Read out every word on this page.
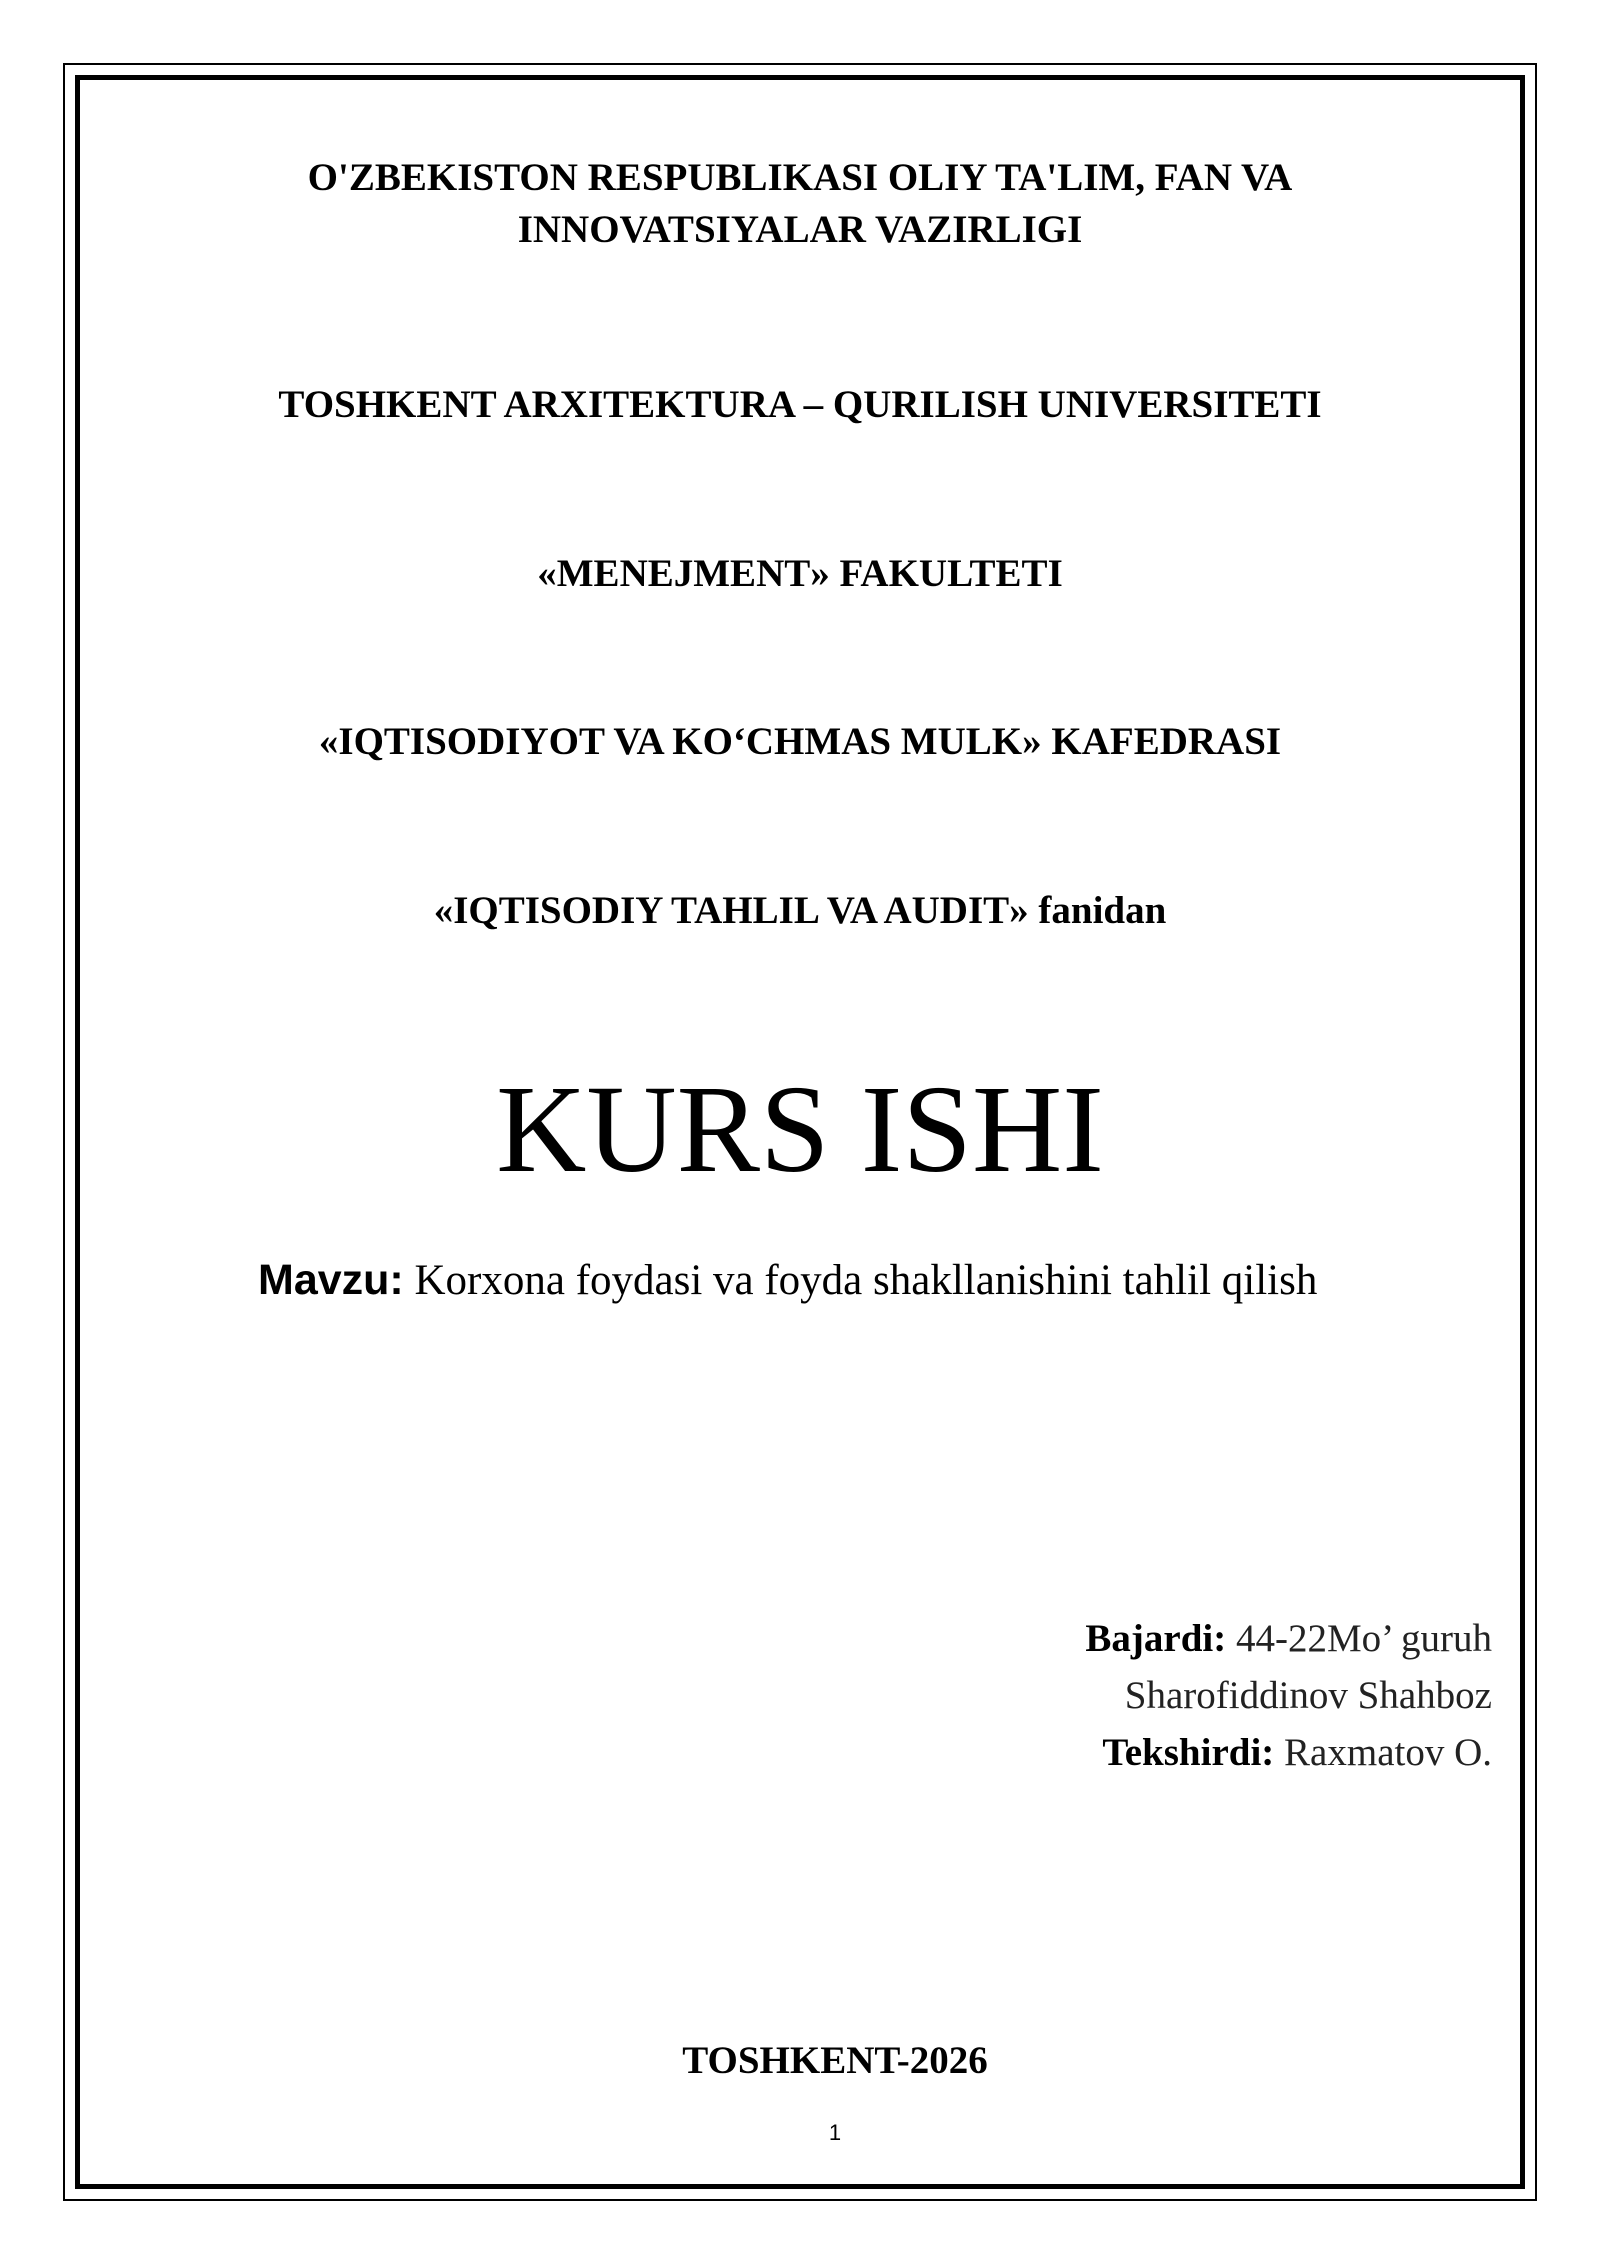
O'ZBEKISTON RESPUBLIKASI OLIY TA'LIM, FAN VA
INNOVATSIYALAR VAZIRLIGI

TOSHKENT ARXITEKTURA – QURILISH UNIVERSITETI

«MENEJMENT» FAKULTETI

«IQTISODIYOT VA KO‘CHMAS MULK» KAFEDRASI

«IQTISODIY TAHLIL VA AUDIT» fanidan

KURS ISHI
Mavzu: Korxona foydasi va foyda shakllanishini tahlil qilish
Bajardi: 44-22Mo’ guruh
Sharofiddinov Shahboz
Tekshirdi: Raxmatov O.
TOSHKENT-2026
1
